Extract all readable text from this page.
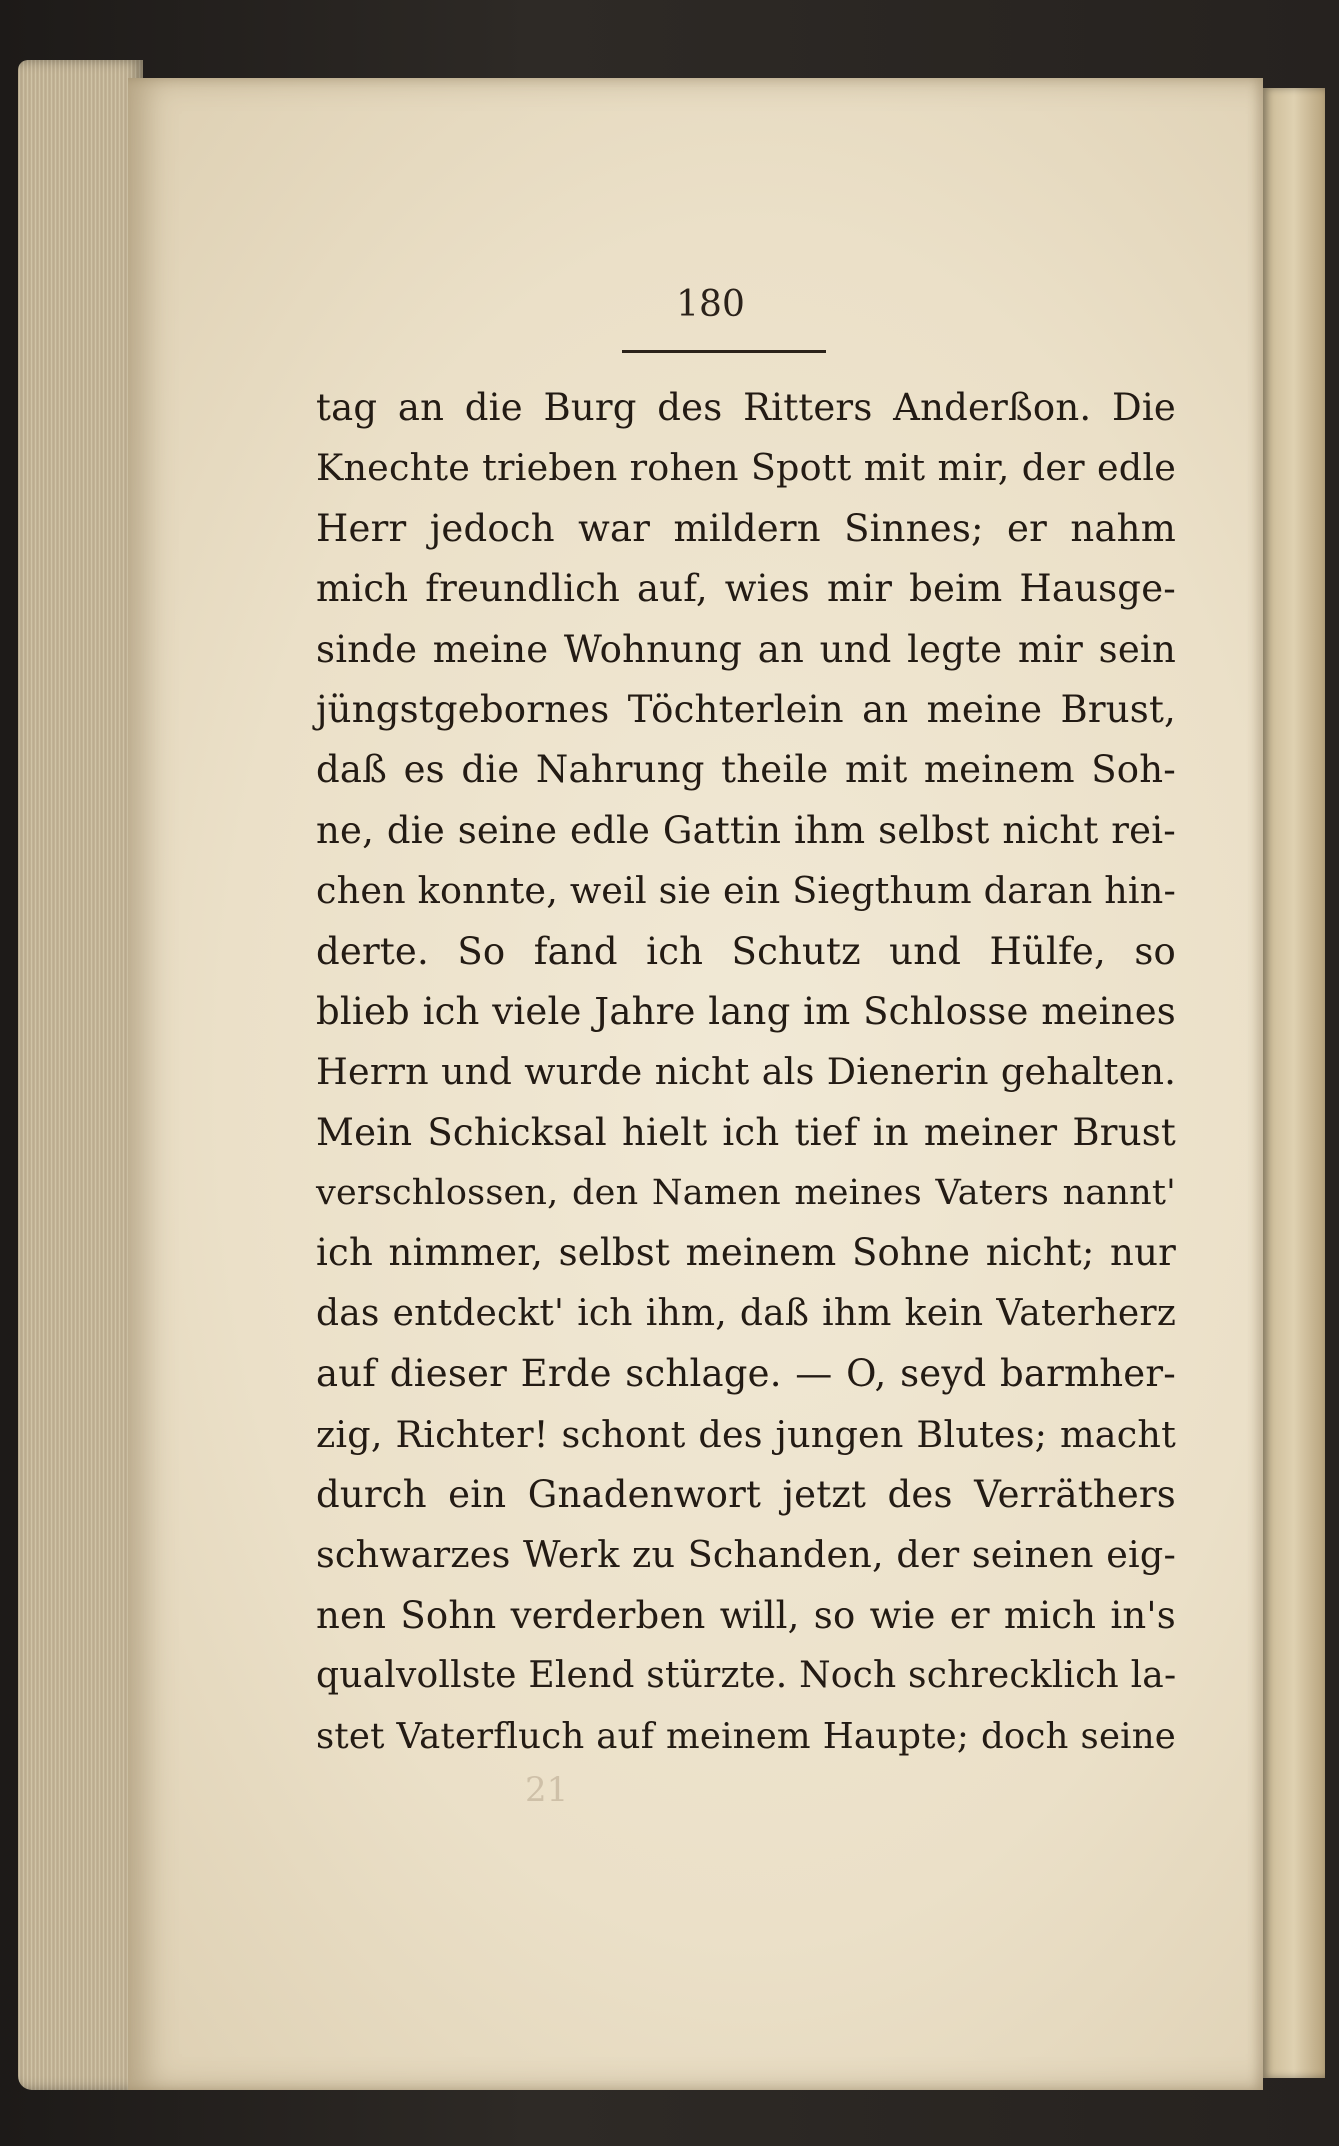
180
tag an die Burg des Ritters Anderßon. Die
Knechte trieben rohen Spott mit mir, der edle
Herr jedoch war mildern Sinnes; er nahm
mich freundlich auf, wies mir beim Hausge-
sinde meine Wohnung an und legte mir sein
jüngstgebornes Töchterlein an meine Brust,
daß es die Nahrung theile mit meinem Soh-
ne, die seine edle Gattin ihm selbst nicht rei-
chen konnte, weil sie ein Siegthum daran hin-
derte. So fand ich Schutz und Hülfe, so
blieb ich viele Jahre lang im Schlosse meines
Herrn und wurde nicht als Dienerin gehalten.
Mein Schicksal hielt ich tief in meiner Brust
verschlossen, den Namen meines Vaters nannt'
ich nimmer, selbst meinem Sohne nicht; nur
das entdeckt' ich ihm, daß ihm kein Vaterherz
auf dieser Erde schlage. — O, seyd barmher-
zig, Richter! schont des jungen Blutes; macht
durch ein Gnadenwort jetzt des Verräthers
schwarzes Werk zu Schanden, der seinen eig-
nen Sohn verderben will, so wie er mich in's
qualvollste Elend stürzte. Noch schrecklich la-
stet Vaterfluch auf meinem Haupte; doch seine
21
